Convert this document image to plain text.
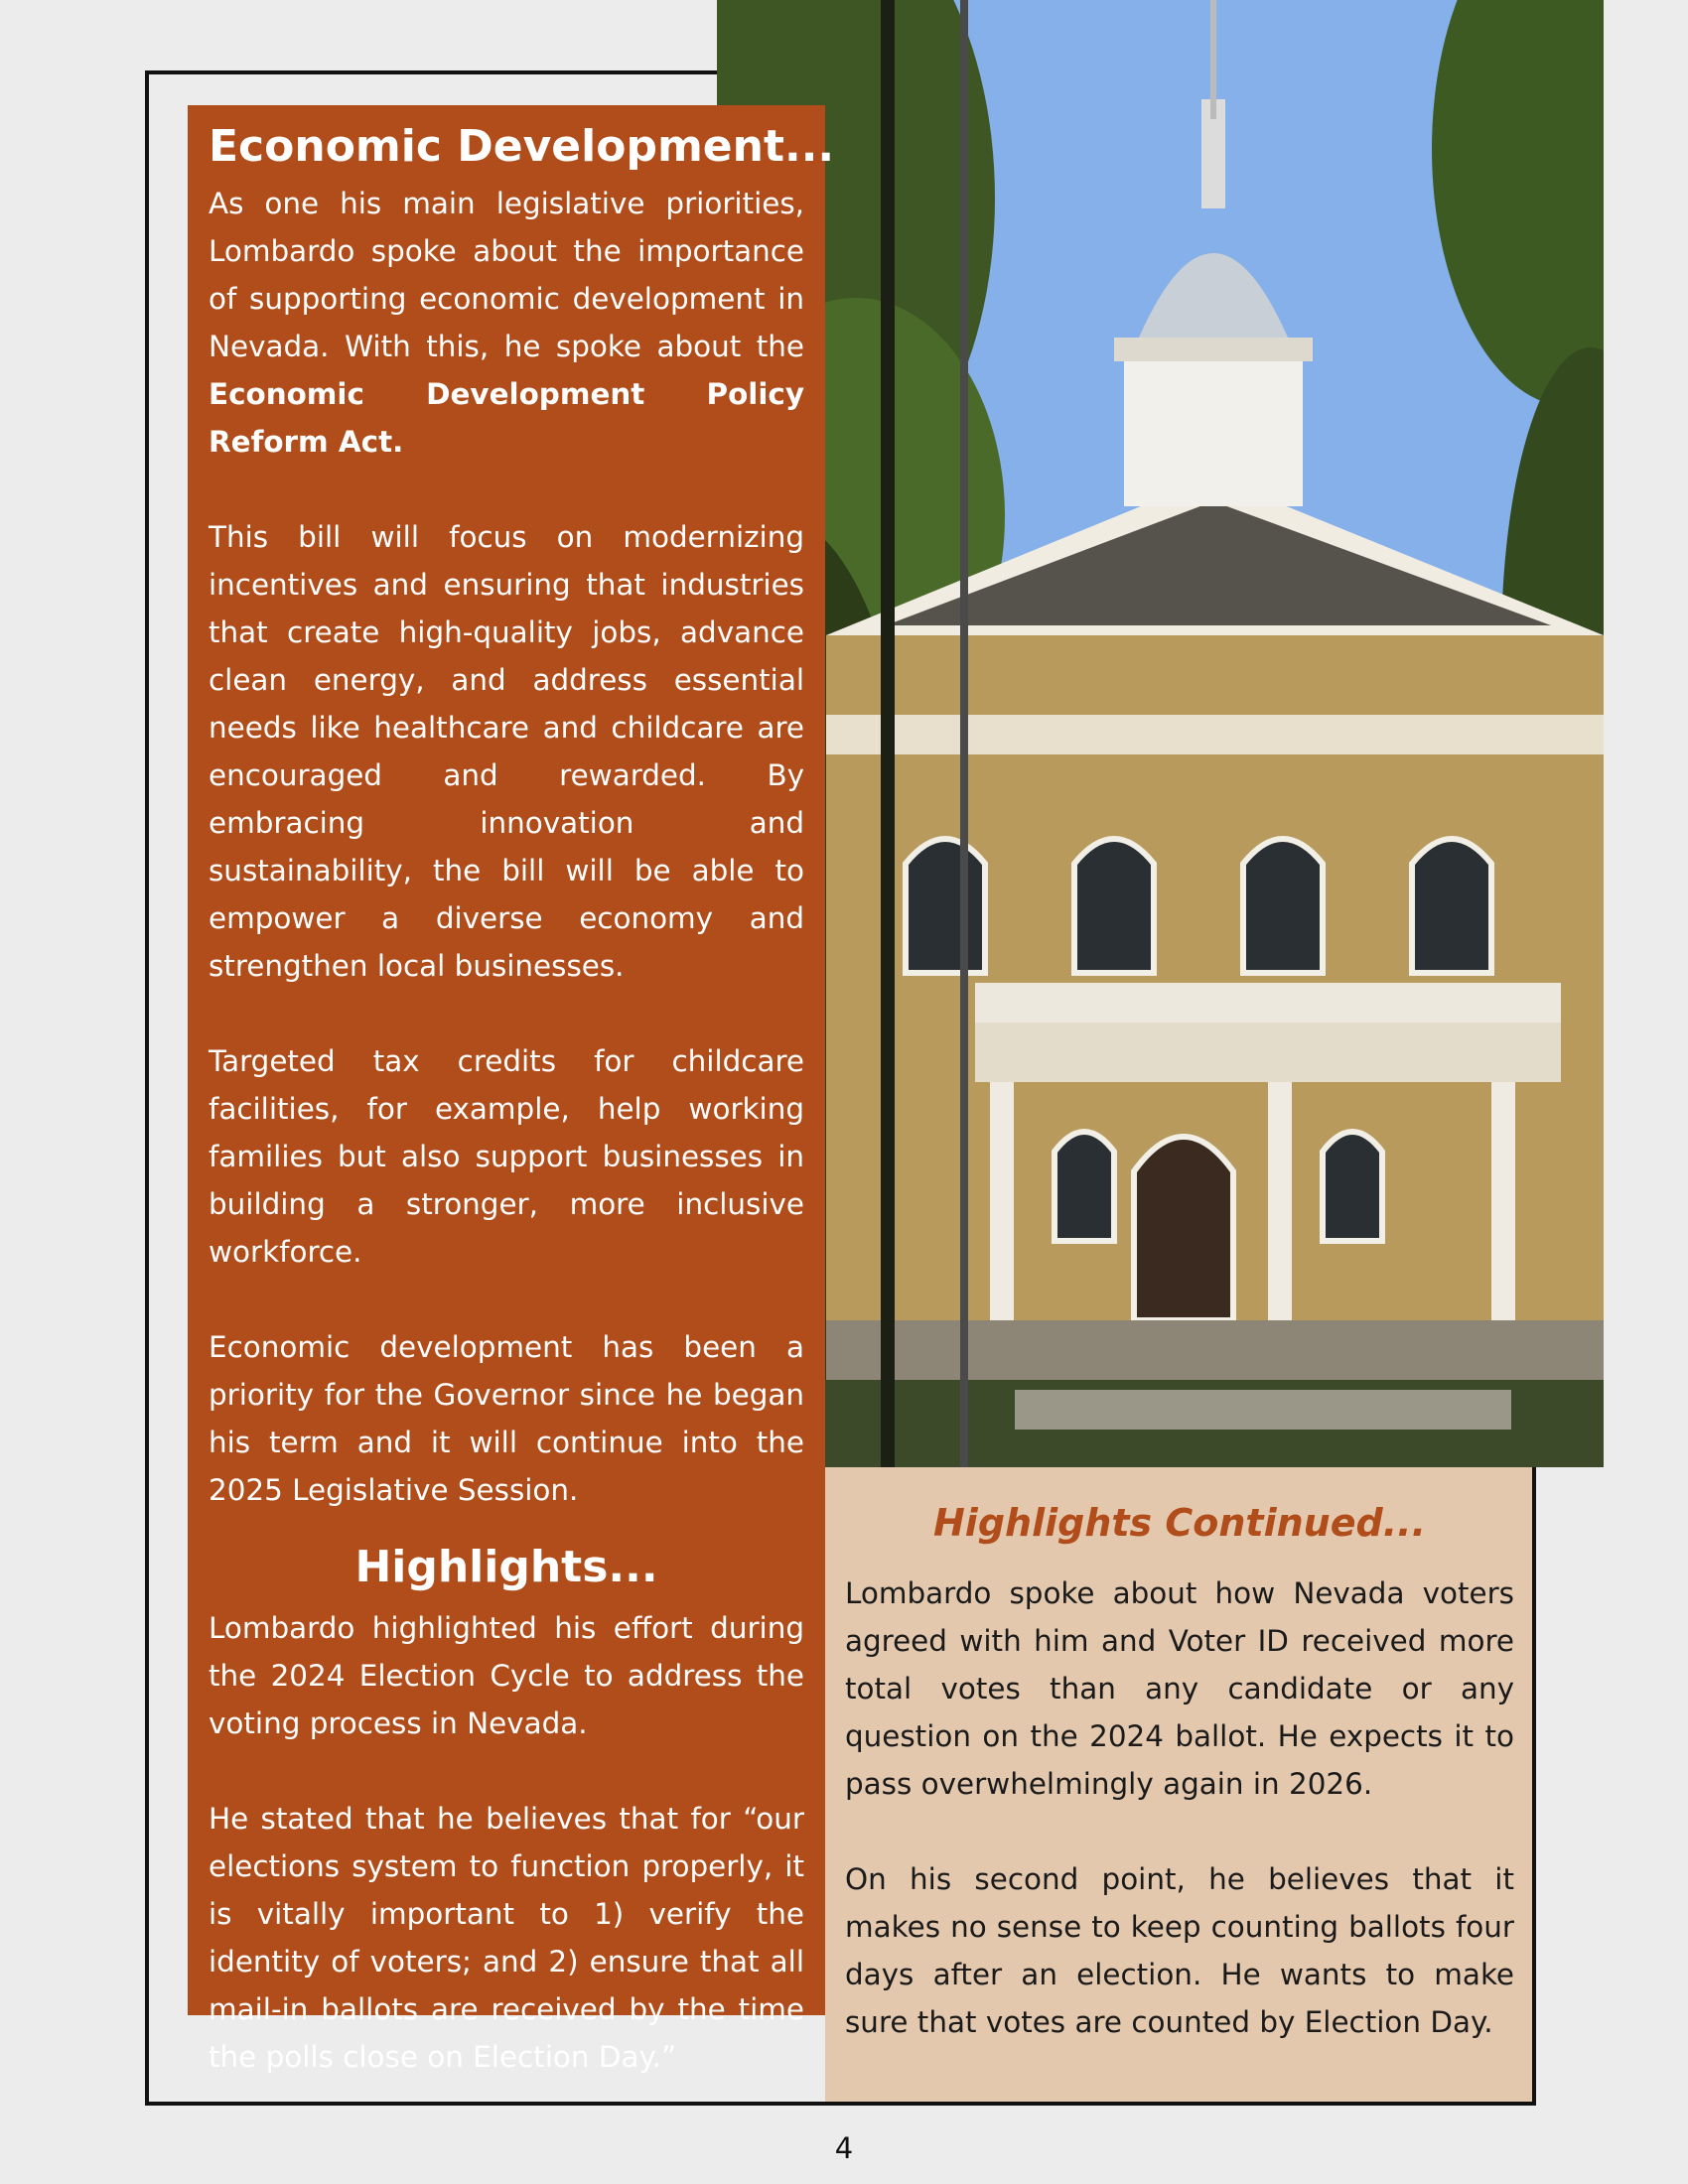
Economic Development...

As one his main legislative priorities, Lombardo spoke about the importance of supporting economic development in Nevada. With this, he spoke about the Economic Development Policy Reform Act.

This bill will focus on modernizing incentives and ensuring that industries that create high-quality jobs, advance clean energy, and address essential needs like healthcare and childcare are encouraged and rewarded. By embracing innovation and sustainability, the bill will be able to empower a diverse economy and strengthen local businesses.

Targeted tax credits for childcare facilities, for example, help working families but also support businesses in building a stronger, more inclusive workforce.

Economic development has been a priority for the Governor since he began his term and it will continue into the 2025 Legislative Session.

Highlights...

Lombardo highlighted his effort during the 2024 Election Cycle to address the voting process in Nevada.

He stated that he believes that for “our elections system to function properly, it is vitally important to 1) verify the identity of voters; and 2) ensure that all mail-in ballots are received by the time the polls close on Election Day.”

Highlights Continued...

Lombardo spoke about how Nevada voters agreed with him and Voter ID received more total votes than any candidate or any question on the 2024 ballot. He expects it to pass overwhelmingly again in 2026.

On his second point, he believes that it makes no sense to keep counting ballots four days after an election. He wants to make sure that votes are counted by Election Day.

4
